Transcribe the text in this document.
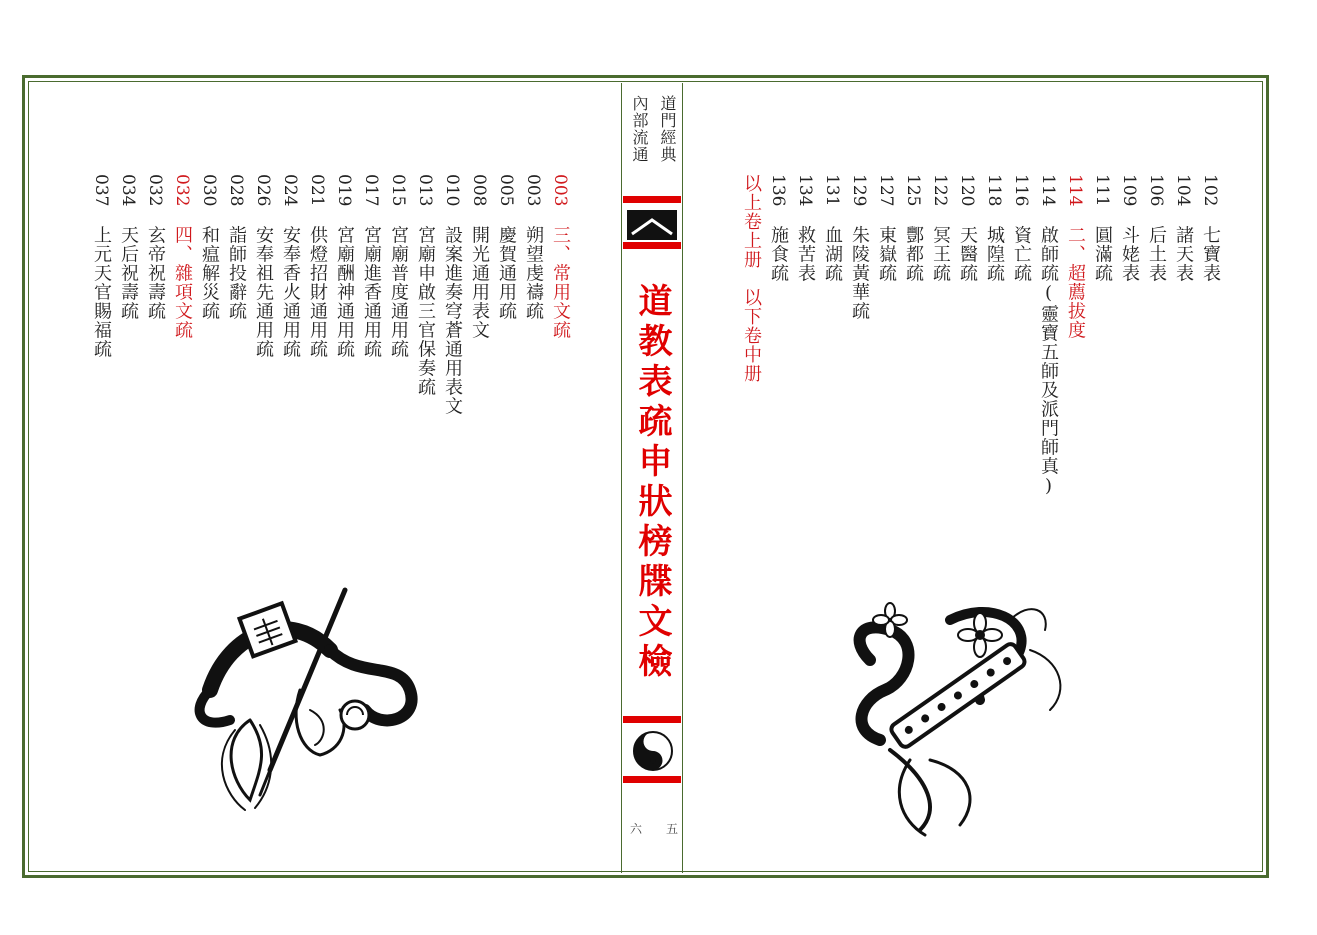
102　七寶表
104　諸天表
106　后土表
109　斗姥表
111　圓滿疏
114　二、超薦拔度
114　啟師疏(靈寶五師及派門師真)
116　資亡疏
118　城隍疏
120　天醫疏
122　冥王疏
125　酆都疏
127　東嶽疏
129　朱陵黃華疏
131　血湖疏
134　救苦表
136　施食疏
以上卷上册　以下卷中册
003　三、常用文疏
003　朔望虔禱疏
005　慶賀通用疏
008　開光通用表文
010　設案進奏穹蒼通用表文
013　宮廟申啟三官保奏疏
015　宮廟普度通用疏
017　宮廟進香通用疏
019　宮廟酬神通用疏
021　供燈招財通用疏
024　安奉香火通用疏
026　安奉祖先通用疏
028　詣師投辭疏
030　和瘟解災疏
032　四、雜項文疏
032　玄帝祝壽疏
034　天后祝壽疏
037　上元天官賜福疏
道門經典
內部流通
道教表疏申狀榜牒文檢
六 五
